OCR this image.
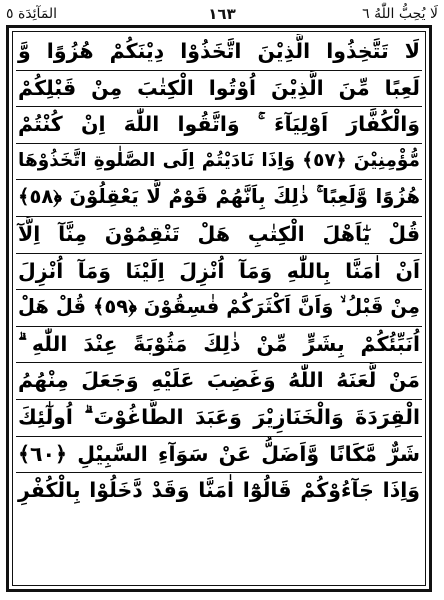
المَآئِدَة ٥	١٦٣	لَا يُحِبُّ اللّٰهُ ٦
لَا تَتَّخِذُوا الَّذِيْنَ اتَّخَذُوْا دِيْنَكُمْ هُزُوًا وَّ
لَعِبًا مِّنَ الَّذِيْنَ اُوْتُوا الْكِتٰبَ مِنْ قَبْلِكُمْ
وَالْكُفَّارَ اَوْلِيَآءَ ۚ وَاتَّقُوا اللّٰهَ اِنْ كُنْتُمْ
مُّؤْمِنِيْنَ ﴿٥٧﴾ وَاِذَا نَادَيْتُمْ اِلَى الصَّلٰوةِ اتَّخَذُوْهَا
هُزُوًا وَّلَعِبًا ۚ ذٰلِكَ بِاَنَّهُمْ قَوْمٌ لَّا يَعْقِلُوْنَ ﴿٥٨﴾
قُلْ يٰٓاَهْلَ الْكِتٰبِ هَلْ تَنْقِمُوْنَ مِنَّآ اِلَّآ
اَنْ اٰمَنَّا بِاللّٰهِ وَمَآ اُنْزِلَ اِلَيْنَا وَمَآ اُنْزِلَ
مِنْ قَبْلُ ۙ وَاَنَّ اَكْثَرَكُمْ فٰسِقُوْنَ ﴿٥٩﴾ قُلْ هَلْ
اُنَبِّئُكُمْ بِشَرٍّ مِّنْ ذٰلِكَ مَثُوْبَةً عِنْدَ اللّٰهِ ۗ
مَنْ لَّعَنَهُ اللّٰهُ وَغَضِبَ عَلَيْهِ وَجَعَلَ مِنْهُمُ
الْقِرَدَةَ وَالْخَنَازِيْرَ وَعَبَدَ الطَّاغُوْتَ ۗ اُولٰٓئِكَ
شَرٌّ مَّكَانًا وَّاَضَلُّ عَنْ سَوَآءِ السَّبِيْلِ ﴿٦٠﴾
وَاِذَا جَآءُوْكُمْ قَالُوْٓا اٰمَنَّا وَقَدْ دَّخَلُوْا بِالْكُفْرِ
